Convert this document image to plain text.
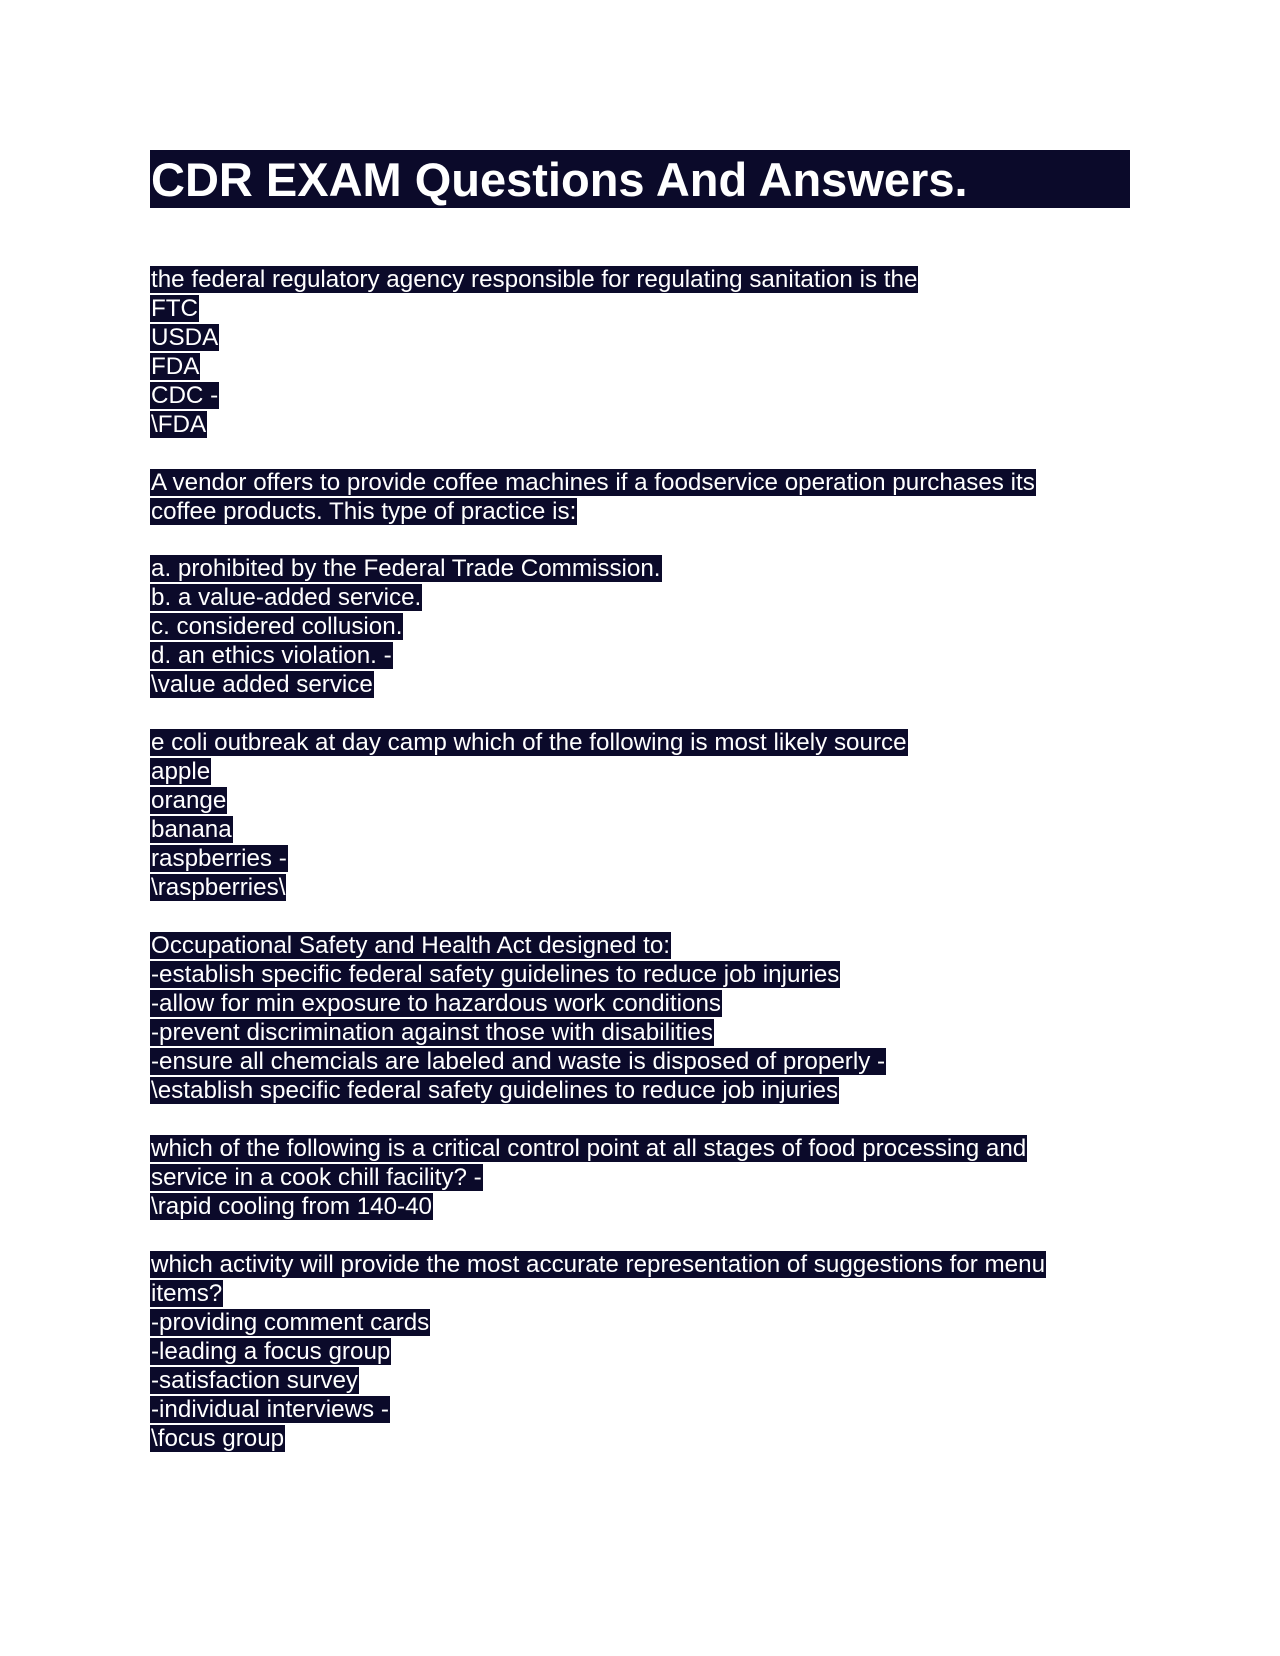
CDR EXAM Questions And Answers.
the federal regulatory agency responsible for regulating sanitation is the
FTC
USDA
FDA
CDC -
\FDA
A vendor offers to provide coffee machines if a foodservice operation purchases its
coffee products. This type of practice is:
a. prohibited by the Federal Trade Commission.
b. a value-added service.
c. considered collusion.
d. an ethics violation. -
\value added service
e coli outbreak at day camp which of the following is most likely source
apple
orange
banana
raspberries -
\raspberries\
Occupational Safety and Health Act designed to:
-establish specific federal safety guidelines to reduce job injuries
-allow for min exposure to hazardous work conditions
-prevent discrimination against those with disabilities
-ensure all chemcials are labeled and waste is disposed of properly -
\establish specific federal safety guidelines to reduce job injuries
which of the following is a critical control point at all stages of food processing and
service in a cook chill facility? -
\rapid cooling from 140-40
which activity will provide the most accurate representation of suggestions for menu
items?
-providing comment cards
-leading a focus group
-satisfaction survey
-individual interviews -
\focus group
